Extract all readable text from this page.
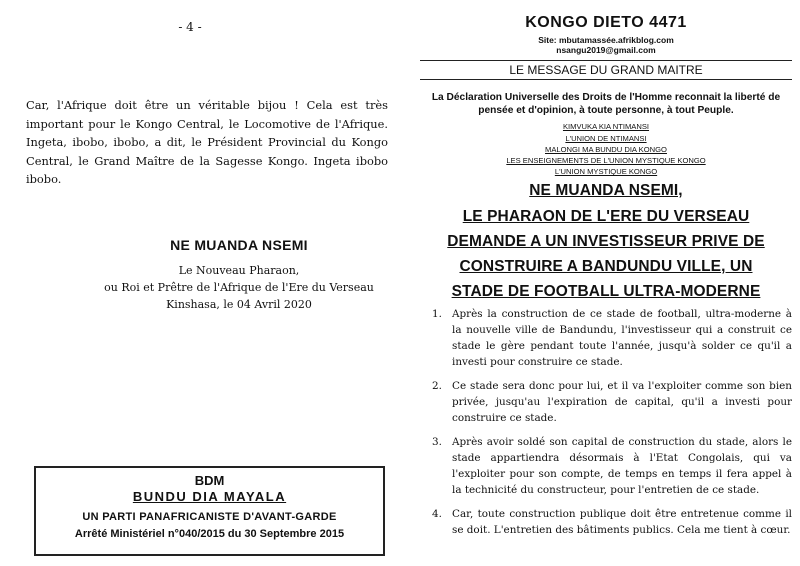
- 4 -
Car, l'Afrique doit être un véritable bijou ! Cela est très important pour le Kongo Central, le Locomotive de l'Afrique. Ingeta, ibobo, ibobo, a dit, le Président Provincial du Kongo Central, le Grand Maître de la Sagesse Kongo. Ingeta ibobo ibobo.
NE MUANDA NSEMI
Le Nouveau Pharaon,
ou Roi et Prêtre de l'Afrique de l'Ere du Verseau
Kinshasa, le 04 Avril 2020
BDM
BUNDU DIA MAYALA
UN PARTI PANAFRICANISTE D'AVANT-GARDE
Arrêté Ministériel n°040/2015 du 30 Septembre 2015
KONGO DIETO 4471
Site: mbutamassée.afrikblog.com
nsangu2019@gmail.com
LE MESSAGE DU GRAND MAITRE
La Déclaration Universelle des Droits de l'Homme reconnait la liberté de pensée et d'opinion, à toute personne, à tout Peuple.
KIMVUKA KIA NTIMANSI
L'UNION DE NTIMANSI
MALONGI MA BUNDU DIA KONGO
LES ENSEIGNEMENTS DE L'UNION MYSTIQUE KONGO
L'UNION MYSTIQUE KONGO
NE MUANDA NSEMI,
LE PHARAON DE L'ERE DU VERSEAU
DEMANDE A UN INVESTISSEUR PRIVE DE
CONSTRUIRE A BANDUNDU VILLE, UN
STADE DE FOOTBALL ULTRA-MODERNE
1. Après la construction de ce stade de football, ultra-moderne à la nouvelle ville de Bandundu, l'investisseur qui a construit ce stade le gère pendant toute l'année, jusqu'à solder ce qu'il a investi pour construire ce stade.
2. Ce stade sera donc pour lui, et il va l'exploiter comme son bien privée, jusqu'au l'expiration de capital, qu'il a investi pour construire ce stade.
3. Après avoir soldé son capital de construction du stade, alors le stade appartiendra désormais à l'Etat Congolais, qui va l'exploiter pour son compte, de temps en temps il fera appel à la technicité du constructeur, pour l'entretien de ce stade.
4. Car, toute construction publique doit être entretenue comme il se doit. L'entretien des bâtiments publics. Cela me tient à cœur.
